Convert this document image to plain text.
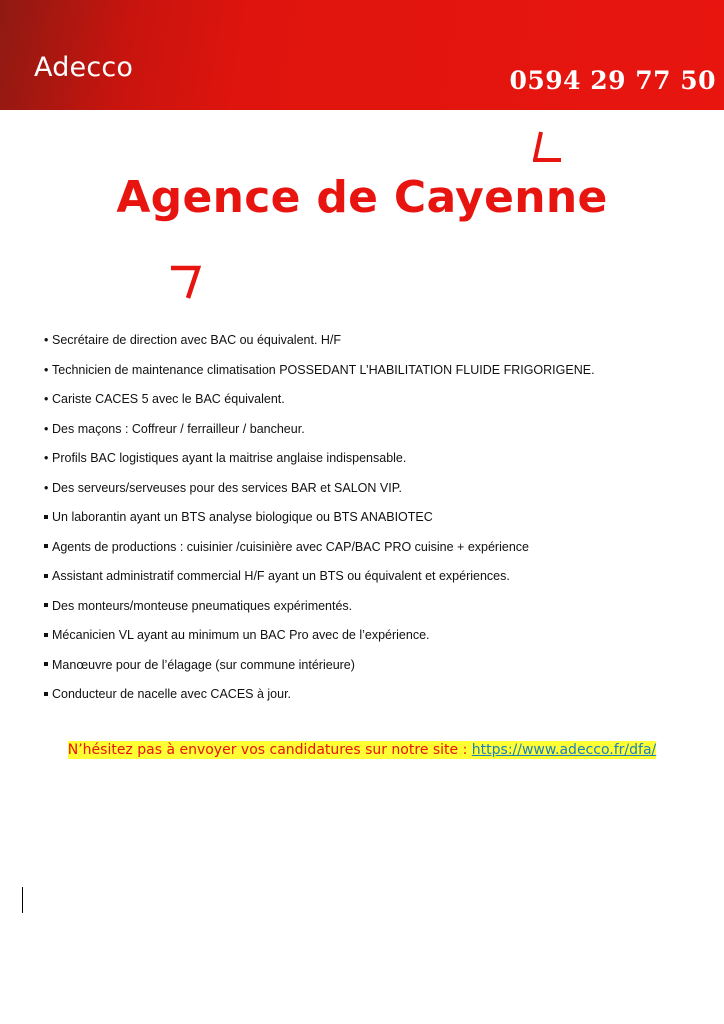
Adecco	0594 29 77 50
Agence de Cayenne
•Secrétaire de direction avec BAC ou équivalent. H/F
•Technicien de maintenance climatisation POSSEDANT L’HABILITATION FLUIDE FRIGORIGENE.
•Cariste CACES 5 avec le BAC équivalent.
•Des maçons : Coffreur / ferrailleur / bancheur.
•Profils BAC logistiques ayant la maitrise anglaise indispensable.
•Des serveurs/serveuses pour des services BAR et SALON VIP.
Un laborantin ayant un BTS analyse biologique ou BTS ANABIOTEC
Agents de productions : cuisinier /cuisinière avec CAP/BAC PRO cuisine + expérience
Assistant administratif commercial H/F ayant un BTS ou équivalent et expériences.
Des monteurs/monteuse pneumatiques expérimentés.
Mécanicien VL ayant au minimum un BAC Pro avec de l’expérience.
Manœuvre pour de l’élagage (sur commune intérieure)
Conducteur de nacelle avec CACES à jour.
N’hésitez pas à envoyer vos candidatures sur notre site : https://www.adecco.fr/dfa/
